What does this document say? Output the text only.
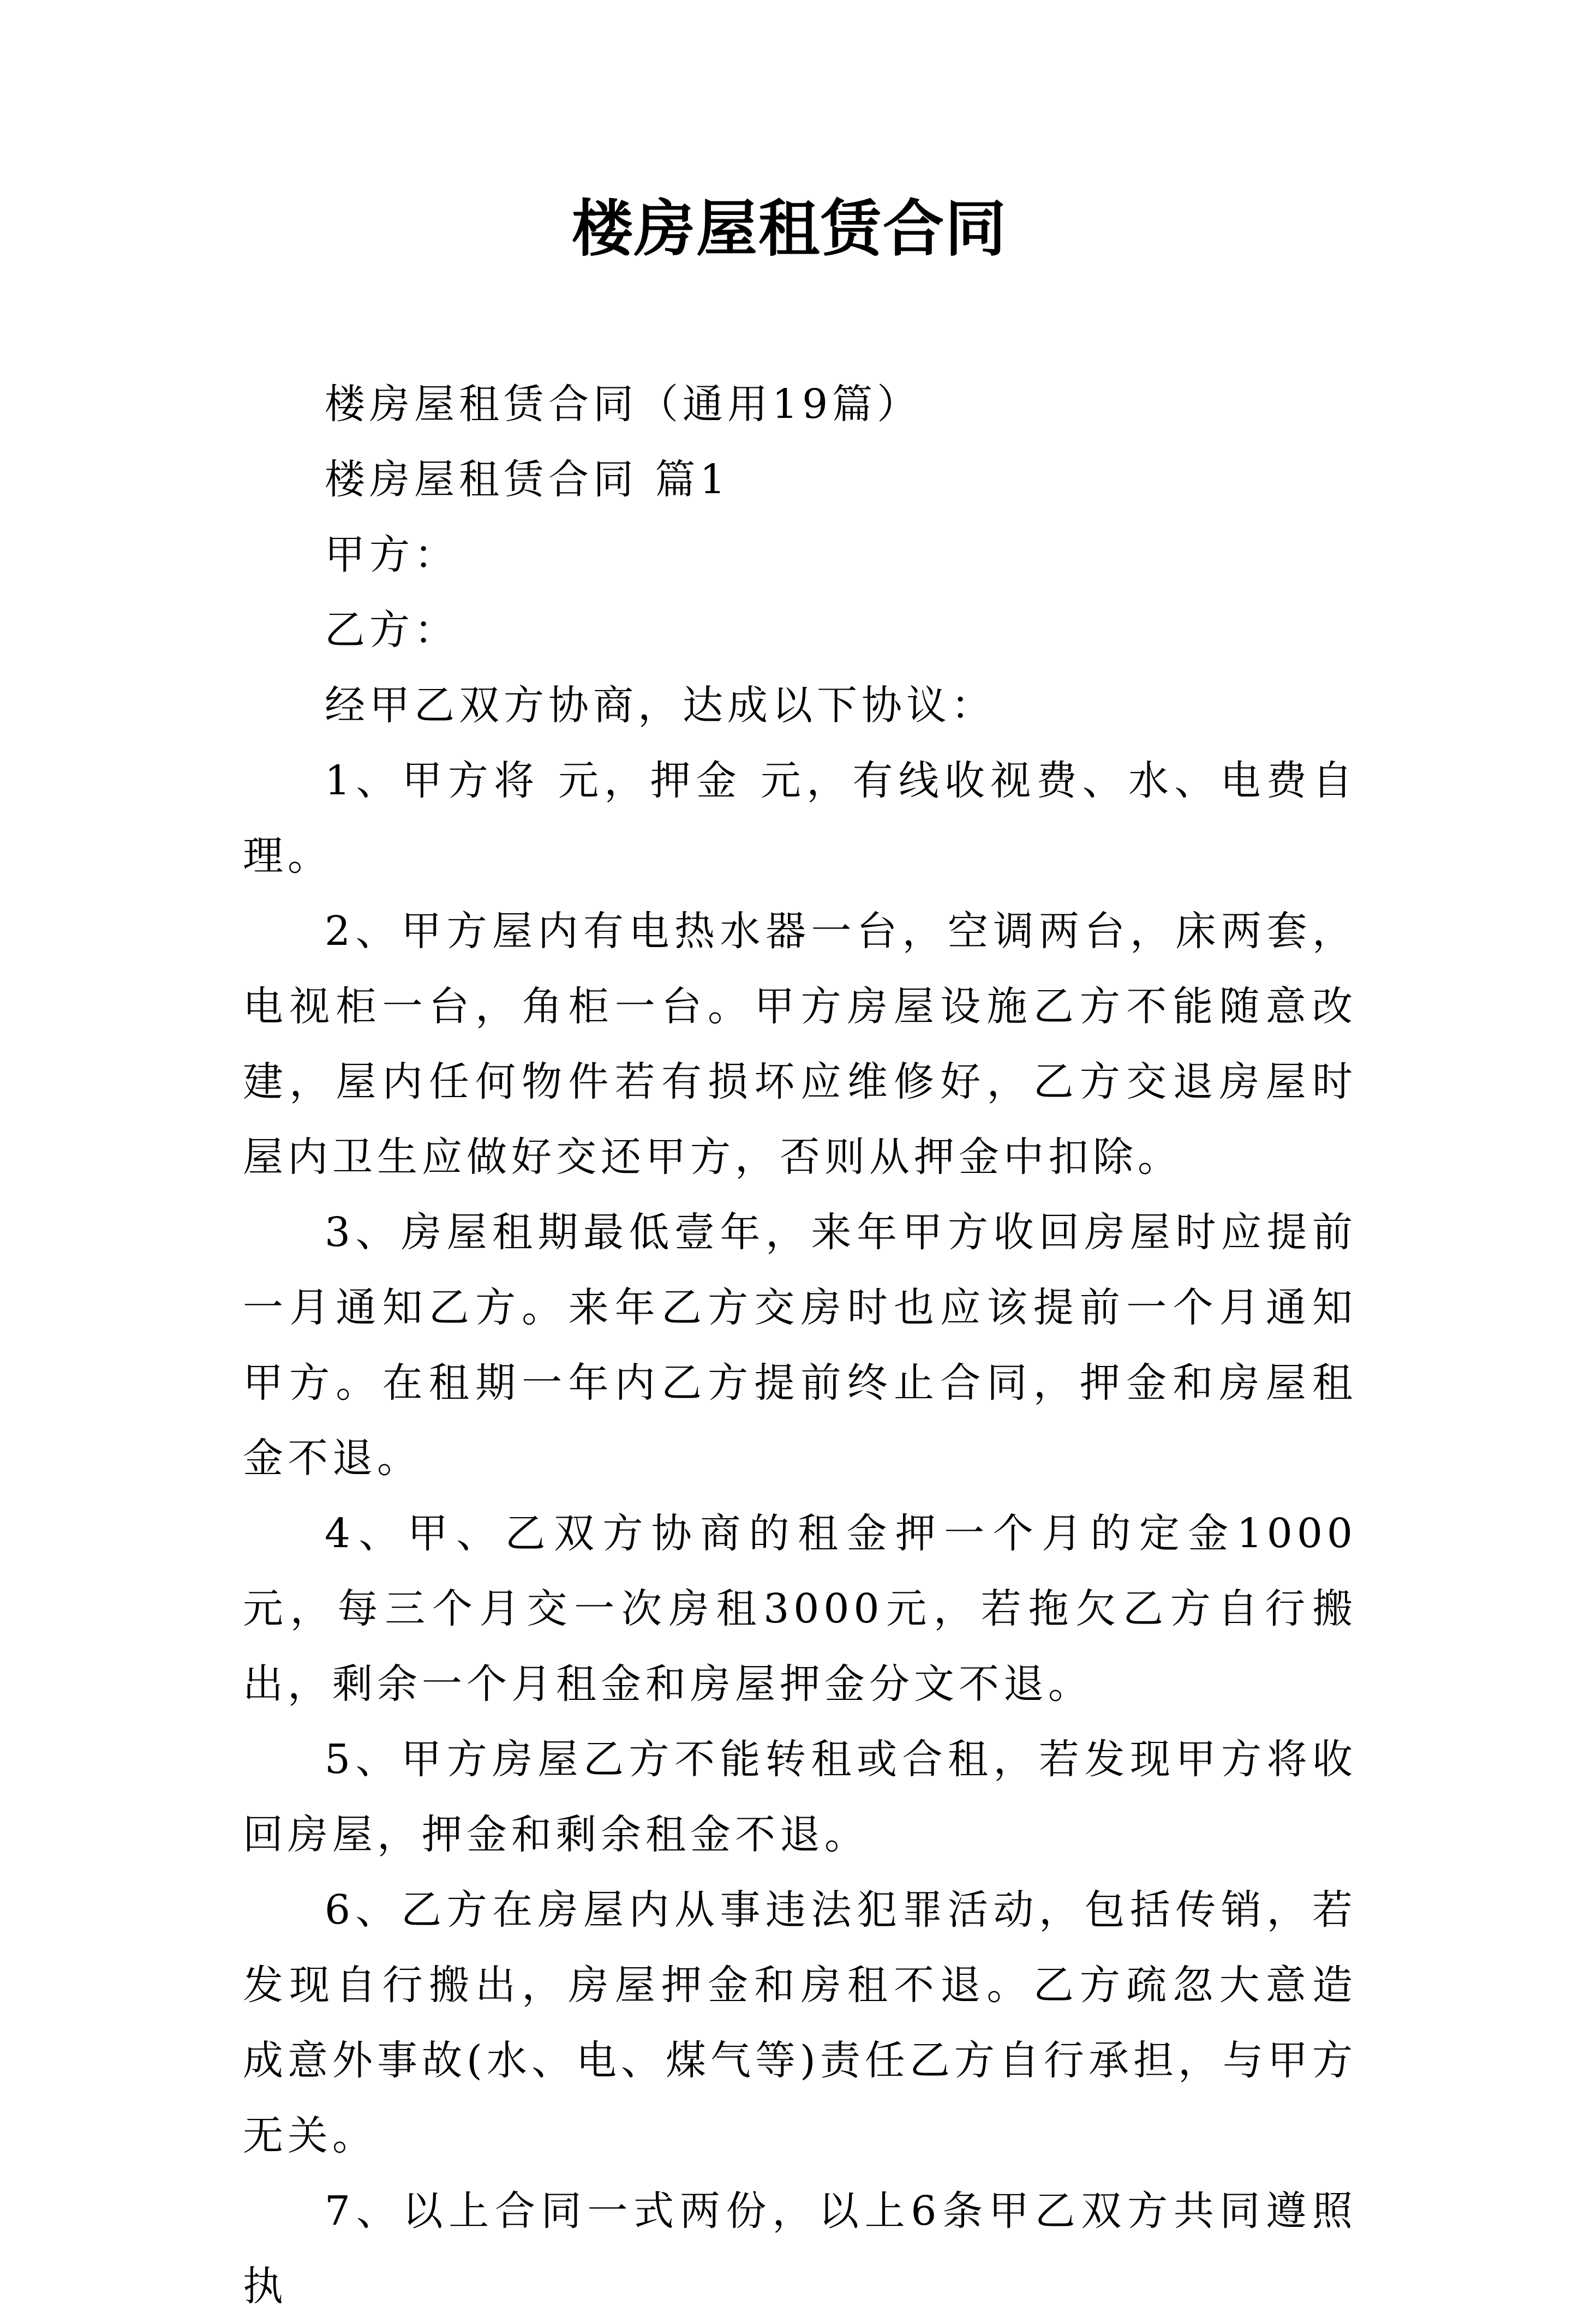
楼房屋租赁合同
楼房屋租赁合同（通用19篇）
楼房屋租赁合同 篇1
甲方：
乙方：
经甲乙双方协商，达成以下协议：
1、甲方将 元，押金 元，有线收视费、水、电费自理。
2、甲方屋内有电热水器一台，空调两台，床两套，电视柜一台，角柜一台。甲方房屋设施乙方不能随意改建，屋内任何物件若有损坏应维修好，乙方交退房屋时屋内卫生应做好交还甲方，否则从押金中扣除。
3、房屋租期最低壹年，来年甲方收回房屋时应提前一月通知乙方。来年乙方交房时也应该提前一个月通知甲方。在租期一年内乙方提前终止合同，押金和房屋租金不退。
4、甲、乙双方协商的租金押一个月的定金1000元，每三个月交一次房租3000元，若拖欠乙方自行搬出，剩余一个月租金和房屋押金分文不退。
5、甲方房屋乙方不能转租或合租，若发现甲方将收回房屋，押金和剩余租金不退。
6、乙方在房屋内从事违法犯罪活动，包括传销，若发现自行搬出，房屋押金和房租不退。乙方疏忽大意造成意外事故(水、电、煤气等)责任乙方自行承担，与甲方无关。
7、以上合同一式两份，以上6条甲乙双方共同遵照执
